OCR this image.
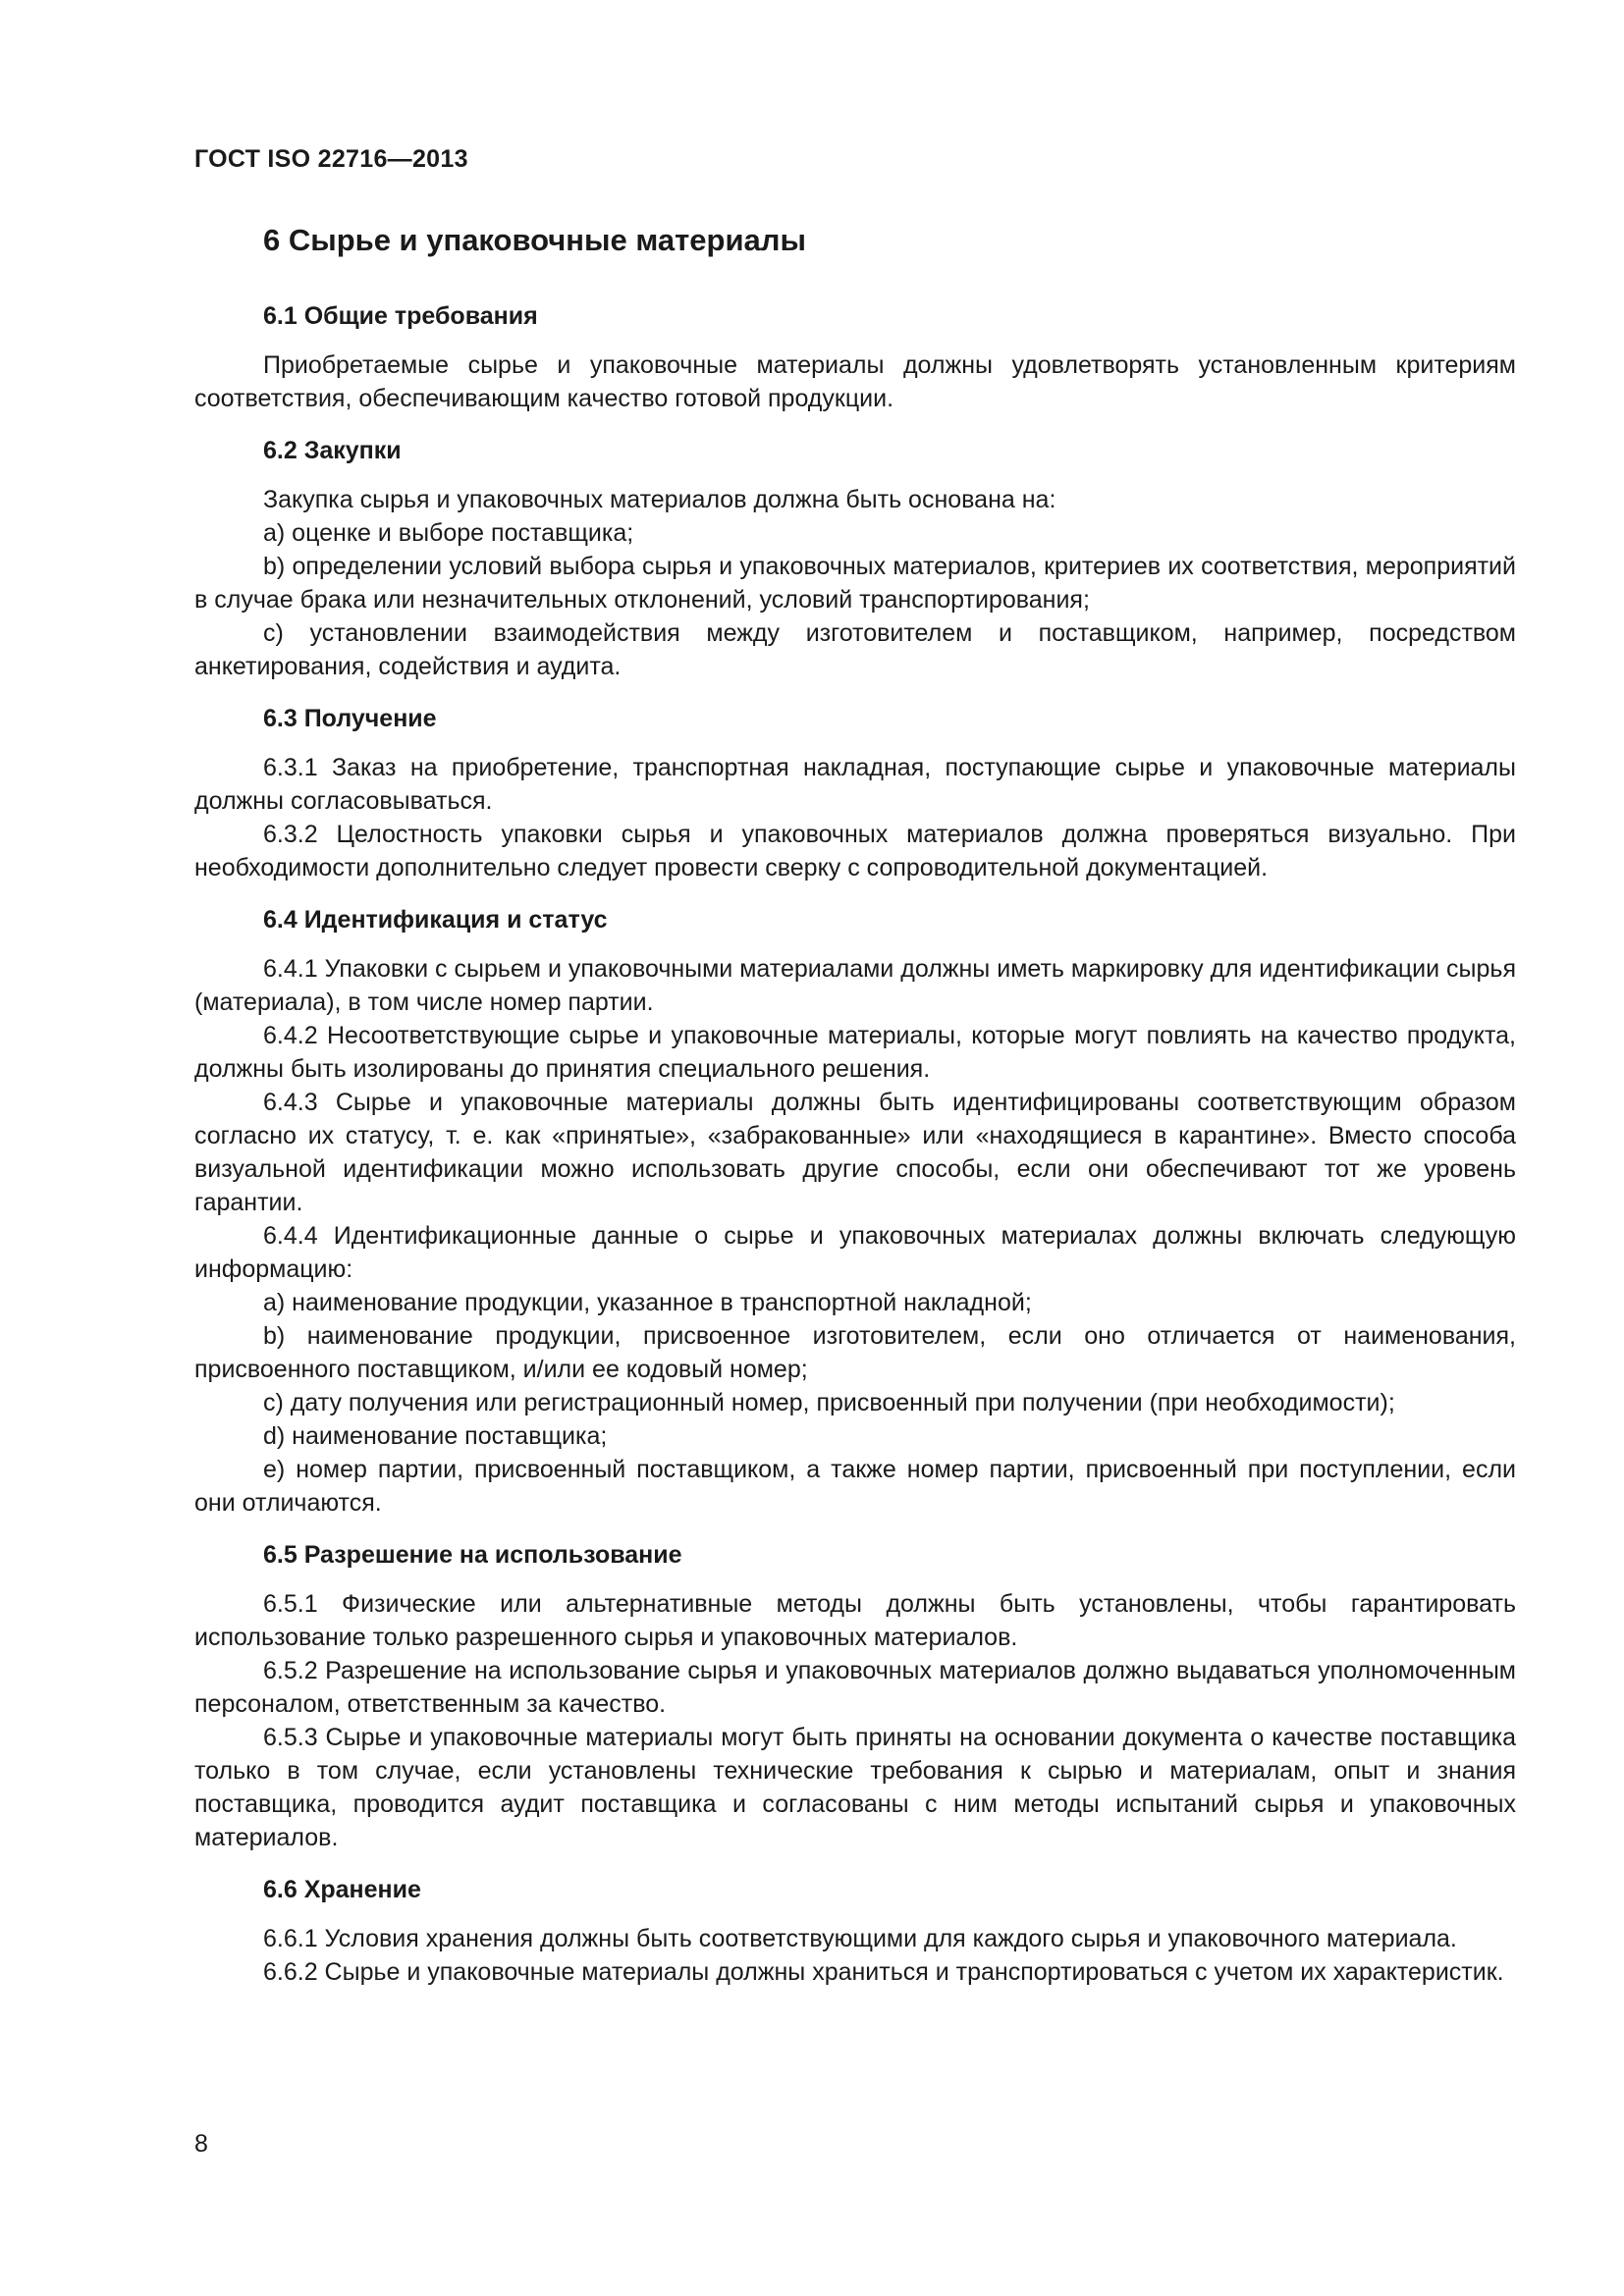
ГОСТ ISO 22716—2013
6 Сырье и упаковочные материалы
6.1 Общие требования

Приобретаемые сырье и упаковочные материалы должны удовлетворять установленным критериям соответствия, обеспечивающим качество готовой продукции.

6.2 Закупки

Закупка сырья и упаковочных материалов должна быть основана на:

a) оценке и выборе поставщика;

b) определении условий выбора сырья и упаковочных материалов, критериев их соответствия, мероприятий в случае брака или незначительных отклонений, условий транспортирования;

c) установлении взаимодействия между изготовителем и поставщиком, например, посредством анкетирования, содействия и аудита.

6.3 Получение

6.3.1 Заказ на приобретение, транспортная накладная, поступающие сырье и упаковочные материалы должны согласовываться.

6.3.2 Целостность упаковки сырья и упаковочных материалов должна проверяться визуально. При необходимости дополнительно следует провести сверку с сопроводительной документацией.

6.4 Идентификация и статус

6.4.1 Упаковки с сырьем и упаковочными материалами должны иметь маркировку для идентификации сырья (материала), в том числе номер партии.

6.4.2 Несоответствующие сырье и упаковочные материалы, которые могут повлиять на качество продукта, должны быть изолированы до принятия специального решения.

6.4.3 Сырье и упаковочные материалы должны быть идентифицированы соответствующим образом согласно их статусу, т. е. как «принятые», «забракованные» или «находящиеся в карантине». Вместо способа визуальной идентификации можно использовать другие способы, если они обеспечивают тот же уровень гарантии.

6.4.4 Идентификационные данные о сырье и упаковочных материалах должны включать следующую информацию:

a) наименование продукции, указанное в транспортной накладной;

b) наименование продукции, присвоенное изготовителем, если оно отличается от наименования, присвоенного поставщиком, и/или ее кодовый номер;

c) дату получения или регистрационный номер, присвоенный при получении (при необходимости);

d) наименование поставщика;

e) номер партии, присвоенный поставщиком, а также номер партии, присвоенный при поступлении, если они отличаются.

6.5 Разрешение на использование

6.5.1 Физические или альтернативные методы должны быть установлены, чтобы гарантировать использование только разрешенного сырья и упаковочных материалов.

6.5.2 Разрешение на использование сырья и упаковочных материалов должно выдаваться уполномоченным персоналом, ответственным за качество.

6.5.3 Сырье и упаковочные материалы могут быть приняты на основании документа о качестве поставщика только в том случае, если установлены технические требования к сырью и материалам, опыт и знания поставщика, проводится аудит поставщика и согласованы с ним методы испытаний сырья и упаковочных материалов.

6.6 Хранение

6.6.1 Условия хранения должны быть соответствующими для каждого сырья и упаковочного материала.

6.6.2 Сырье и упаковочные материалы должны храниться и транспортироваться с учетом их характеристик.

8
